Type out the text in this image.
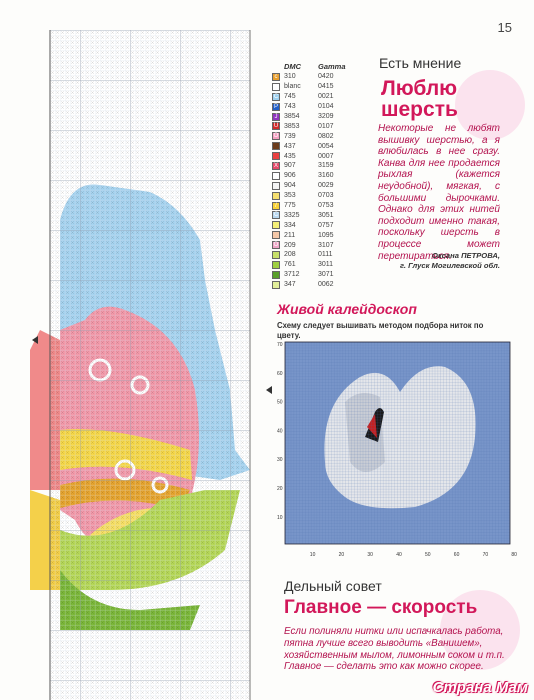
15
DMC	Gamma
c 310	0420
blanc	0415
C 745	0021
P 743	0104
J 3854	3209
U 3853	0107
O 739	0802
437	0054
435	0007
X 907	3159
906	3160
904	0029
353	0703
/	775	0753
C 3325	3051
334	0757
211	1095
O 209	3107
208	0111
761	3011
3712	3071
347	0062
Есть мнение
Люблю
шерсть
Некоторые не любят вышивку шерстью, а я влюбилась в нее сразу. Канва для нее продается рыхлая (кажется неудобной), мягкая, с большими дырочками. Однако для этих нитей подходит именно такая, поскольку шерсть в процессе может перетираться.
Оксана ПЕТРОВА,
г. Глуск Могилевской обл.
Живой калейдоскоп
Схему следует вышивать методом подбора ниток по цвету.
70
60
50
40
30
20
10
10	20	30	40	50	60	70	80
Дельный совет
Главное — скорость
Если полиняли нитки или испачкалась работа, пятна лучше всего выводить «Ванишем», хозяйственным мылом, лимонным соком и т.п. Главное — сделать это как можно скорее.
Страна Мам
